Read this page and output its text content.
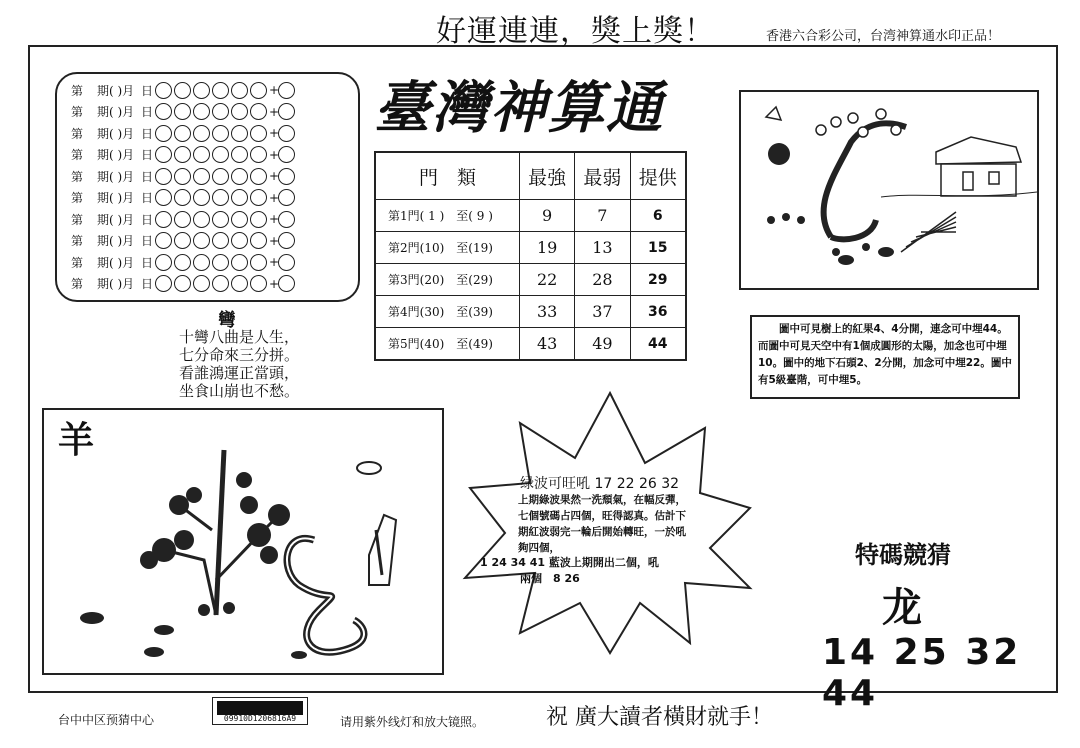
好運連連，獎上獎！	香港六合彩公司，台湾神算通水印正品！
第	期( )月 日	+
第	期( )月 日	+
第	期( )月 日	+
第	期( )月 日	+
第	期( )月 日	+
第	期( )月 日	+
第	期( )月 日	+
第	期( )月 日	+
第	期( )月 日	+
第	期( )月 日	+
臺灣神算通
門　類	最強	最弱	提供
第1門( 1 )　至( 9 )	9	7	6
第2門(10)　至(19)	19	13	15
第3門(20)　至(29)	22	28	29
第4門(30)　至(39)	33	37	36
第5門(40)　至(49)	43	49	44
彎
十彎八曲是人生，
七分命來三分拼。
看誰鴻運正當頭，
坐食山崩也不愁。
羊
　　圖中可見樹上的紅果4、4分開，連念可中埋44。而圖中可見天空中有1個成圓形的太陽，加念也可中埋10。圖中的地下石頭2、2分開，加念可中埋22。圖中有5級臺階，可中埋5。
绿波可旺吼 17 22 26 32
上期綠波果然一洗頹氣，在幅反彈，七個號碼占四個，旺得認真。估計下期紅波弱完一輪后開始轉旺，一於吼夠四個，
1 24 34 41 藍波上期開出二個，吼
兩個　8 26
特碼競猜
龙
14 25 32 44
台中中区预猜中心	09910D1206816A9	请用紫外线灯和放大镜照。	祝 廣大讀者橫財就手！
